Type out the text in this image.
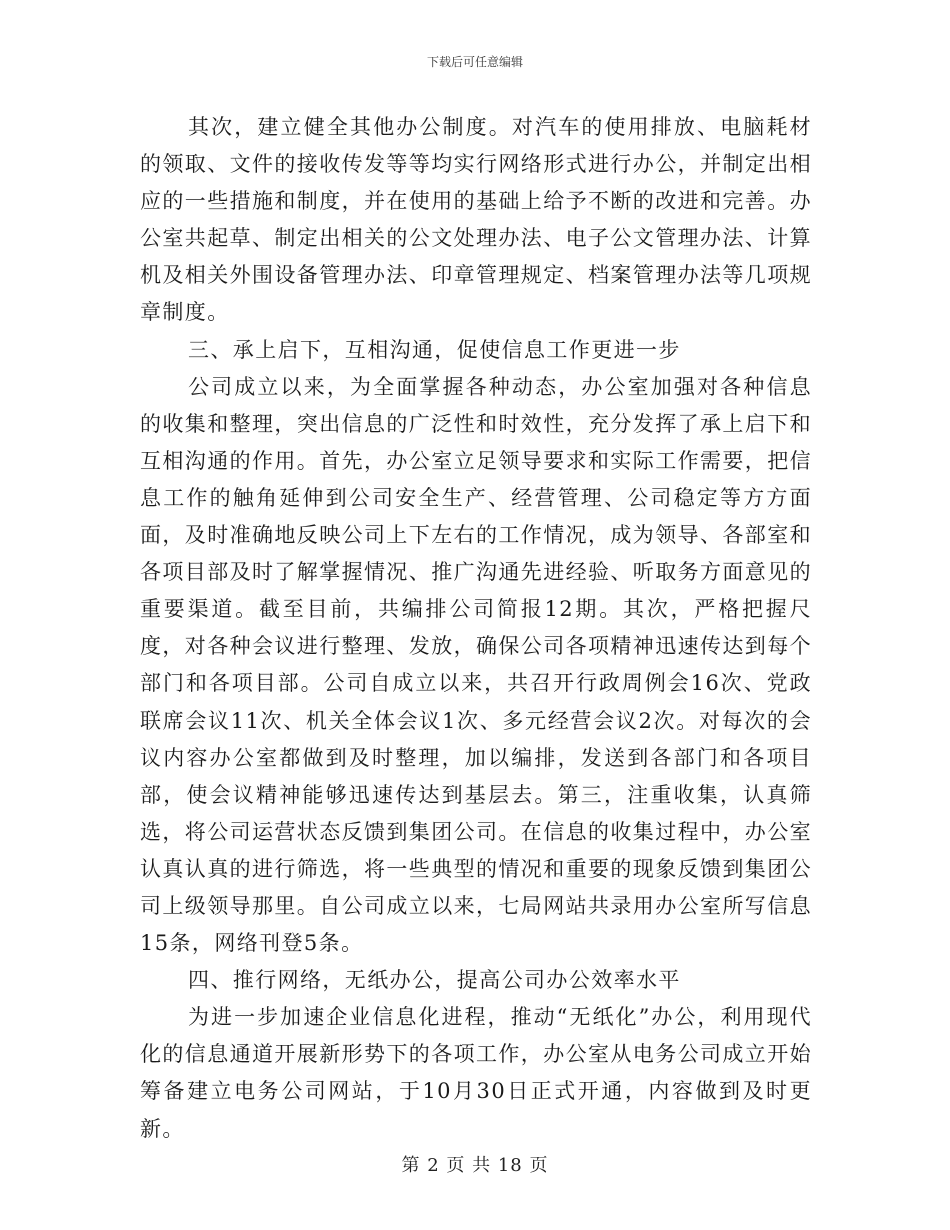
下载后可任意编辑

其次，建立健全其他办公制度。对汽车的使用排放、电脑耗材的领取、文件的接收传发等等均实行网络形式进行办公，并制定出相应的一些措施和制度，并在使用的基础上给予不断的改进和完善。办公室共起草、制定出相关的公文处理办法、电子公文管理办法、计算机及相关外围设备管理办法、印章管理规定、档案管理办法等几项规章制度。

三、承上启下，互相沟通，促使信息工作更进一步

公司成立以来，为全面掌握各种动态，办公室加强对各种信息的收集和整理，突出信息的广泛性和时效性，充分发挥了承上启下和互相沟通的作用。首先，办公室立足领导要求和实际工作需要，把信息工作的触角延伸到公司安全生产、经营管理、公司稳定等方方面面，及时准确地反映公司上下左右的工作情况，成为领导、各部室和各项目部及时了解掌握情况、推广沟通先进经验、听取务方面意见的重要渠道。截至目前，共编排公司简报12期。其次，严格把握尺度，对各种会议进行整理、发放，确保公司各项精神迅速传达到每个部门和各项目部。公司自成立以来，共召开行政周例会16次、党政联席会议11次、机关全体会议1次、多元经营会议2次。对每次的会议内容办公室都做到及时整理，加以编排，发送到各部门和各项目部，使会议精神能够迅速传达到基层去。第三，注重收集，认真筛选，将公司运营状态反馈到集团公司。在信息的收集过程中，办公室认真认真的进行筛选，将一些典型的情况和重要的现象反馈到集团公司上级领导那里。自公司成立以来，七局网站共录用办公室所写信息15条，网络刊登5条。

四、推行网络，无纸办公，提高公司办公效率水平

为进一步加速企业信息化进程，推动“无纸化”办公，利用现代化的信息通道开展新形势下的各项工作，办公室从电务公司成立开始筹备建立电务公司网站，于10月30日正式开通，内容做到及时更新。

第 2 页 共 18 页
